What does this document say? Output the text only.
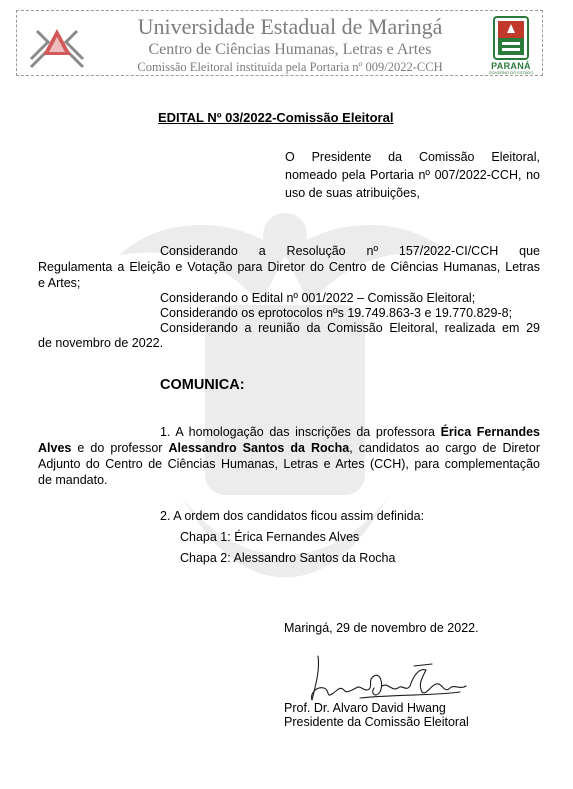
Universidade Estadual de Maringá
Centro de Ciências Humanas, Letras e Artes
Comissão Eleitoral instituída pela Portaria nº 009/2022-CCH	PARANÁ
GOVERNO DO ESTADO
EDITAL Nº 03/2022-Comissão Eleitoral
O Presidente da Comissão Eleitoral,
nomeado pela Portaria nº 007/2022-CCH, no
uso de suas atribuições,
Considerando a Resolução nº 157/2022-CI/CCH que
Regulamenta a Eleição e Votação para Diretor do Centro de Ciências Humanas, Letras
e Artes;
Considerando o Edital nº 001/2022 – Comissão Eleitoral;
Considerando os eprotocolos nºs 19.749.863-3 e 19.770.829-8;
Considerando a reunião da Comissão Eleitoral, realizada em 29
de novembro de 2022.
COMUNICA:
1. A homologação das inscrições da professora Érica Fernandes
Alves e do professor Alessandro Santos da Rocha, candidatos ao cargo de Diretor
Adjunto do Centro de Ciências Humanas, Letras e Artes (CCH), para complementação
de mandato.
2. A ordem dos candidatos ficou assim definida:
Chapa 1: Érica Fernandes Alves
Chapa 2: Alessandro Santos da Rocha
Maringá, 29 de novembro de 2022.
Prof. Dr. Alvaro David Hwang
Presidente da Comissão Eleitoral
